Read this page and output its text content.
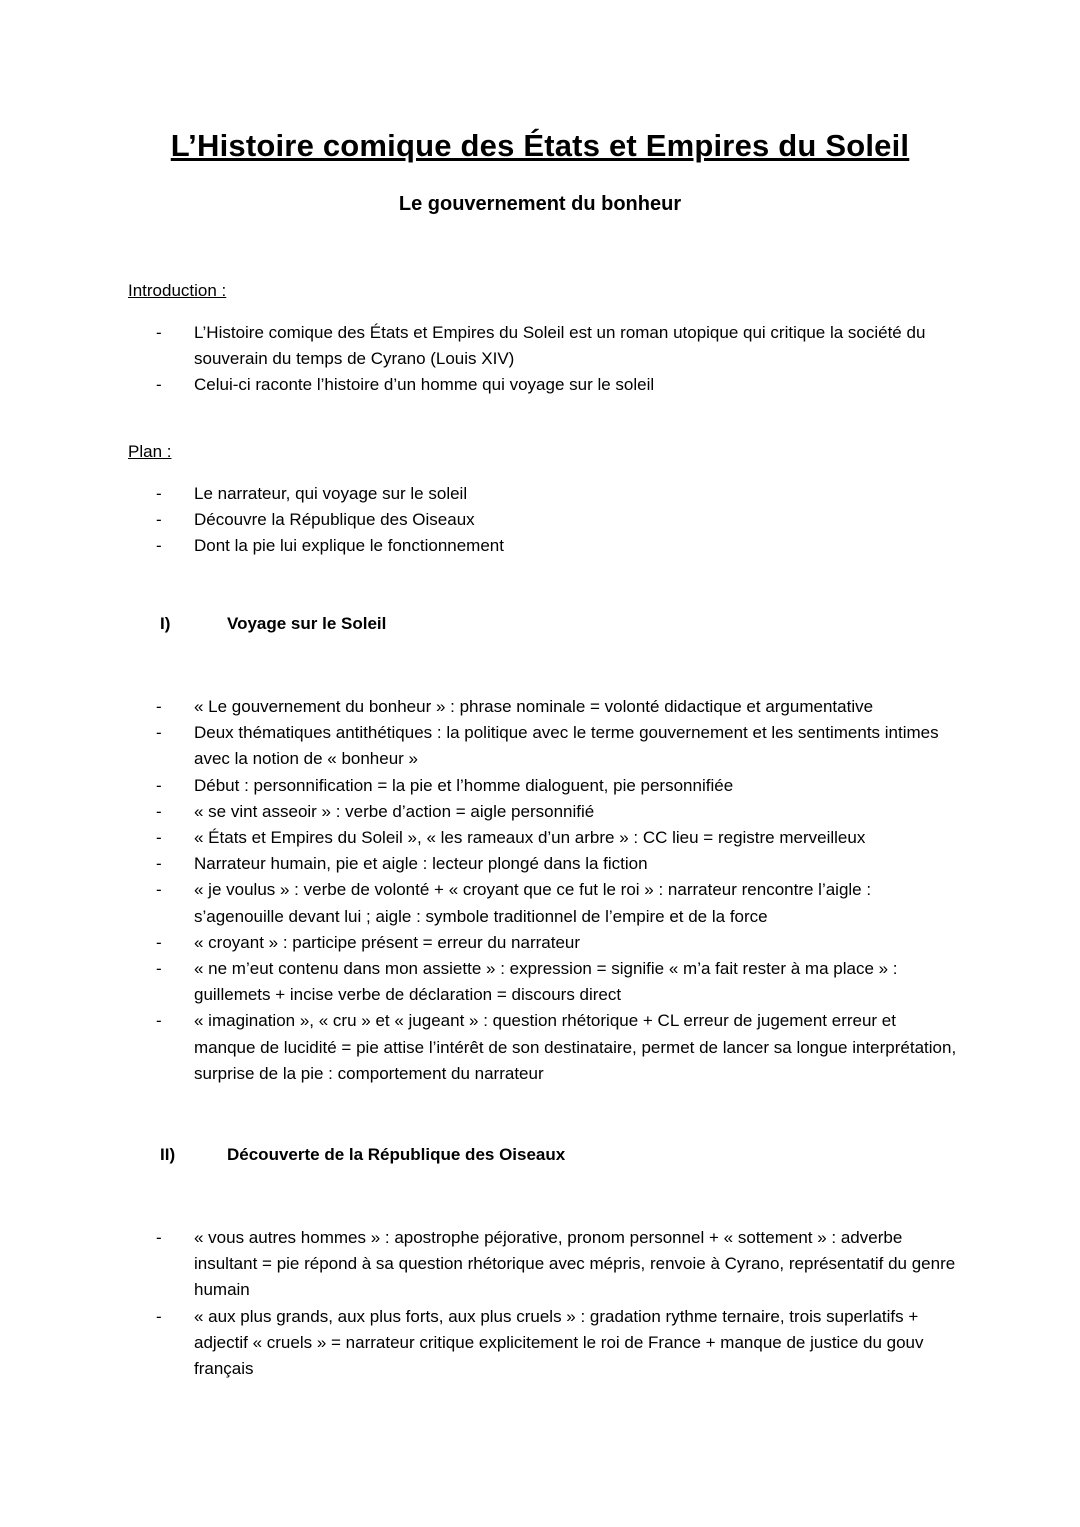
L’Histoire comique des États et Empires du Soleil
Le gouvernement du bonheur
Introduction :
- L’Histoire comique des États et Empires du Soleil est un roman utopique qui critique la société du souverain du temps de Cyrano (Louis XIV)
- Celui-ci raconte l’histoire d’un homme qui voyage sur le soleil
Plan :
- Le narrateur, qui voyage sur le soleil
- Découvre la République des Oiseaux
- Dont la pie lui explique le fonctionnement
I)	Voyage sur le Soleil
- « Le gouvernement du bonheur » : phrase nominale = volonté didactique et argumentative
- Deux thématiques antithétiques : la politique avec le terme gouvernement et les sentiments intimes avec la notion de « bonheur »
- Début : personnification = la pie et l’homme dialoguent, pie personnifiée
- « se vint asseoir » : verbe d’action = aigle personnifié
- « États et Empires du Soleil », « les rameaux d’un arbre » : CC lieu = registre merveilleux
- Narrateur humain, pie et aigle : lecteur plongé dans la fiction
- « je voulus » : verbe de volonté + « croyant que ce fut le roi » : narrateur rencontre l’aigle : s’agenouille devant lui ; aigle : symbole traditionnel de l’empire et de la force
- « croyant » : participe présent = erreur du narrateur
- « ne m’eut contenu dans mon assiette » : expression = signifie « m’a fait rester à ma place » : guillemets + incise verbe de déclaration = discours direct
- « imagination », « cru » et « jugeant » : question rhétorique + CL erreur de jugement erreur et manque de lucidité = pie attise l’intérêt de son destinataire, permet de lancer sa longue interprétation, surprise de la pie : comportement du narrateur
II)	Découverte de la République des Oiseaux
- « vous autres hommes » : apostrophe péjorative, pronom personnel + « sottement » : adverbe insultant = pie répond à sa question rhétorique avec mépris, renvoie à Cyrano, représentatif du genre humain
- « aux plus grands, aux plus forts, aux plus cruels » : gradation rythme ternaire, trois superlatifs + adjectif « cruels » = narrateur critique explicitement le roi de France + manque de justice du gouv français
